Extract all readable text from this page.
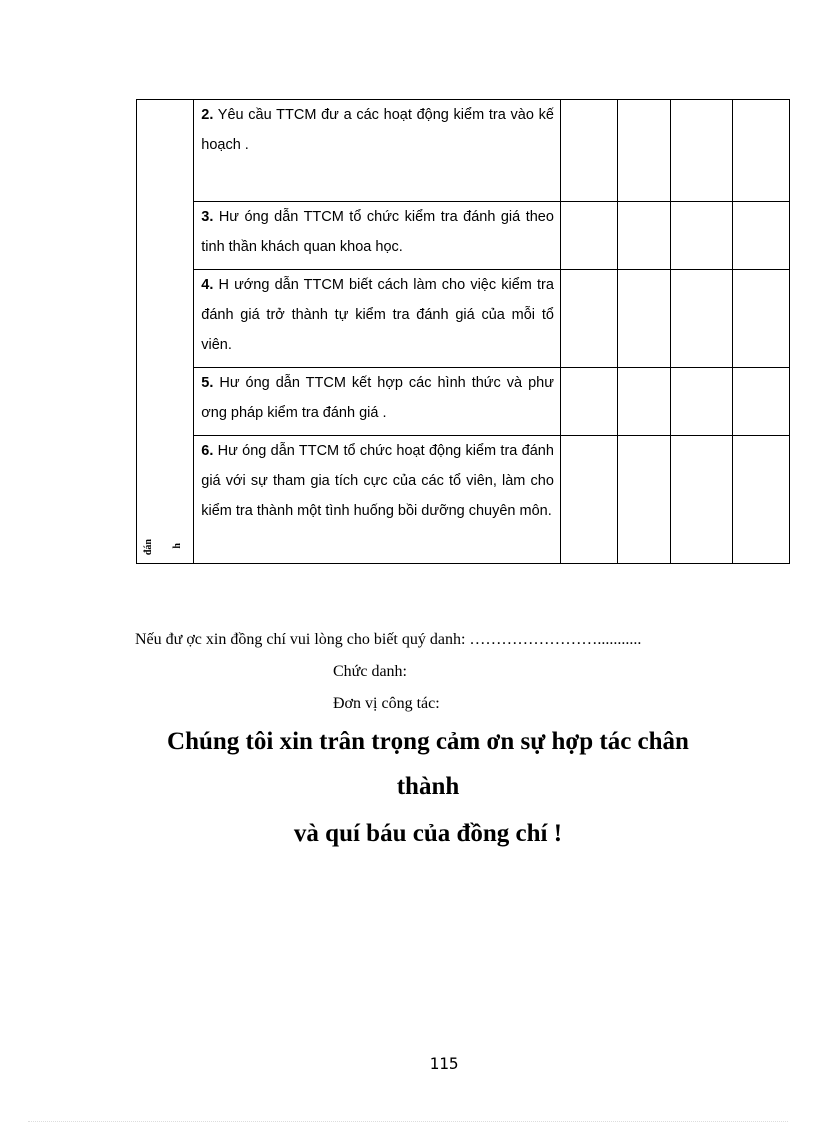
đán h	2. Yêu cầu TTCM đư a các hoạt động kiểm tra vào kế hoạch .				

	3. Hư óng dẫn TTCM tổ chức kiểm tra đánh giá theo tinh thần khách quan khoa học.				

	4. H ướng dẫn TTCM biết cách làm cho việc kiểm tra đánh giá trở thành tự kiểm tra đánh giá của mỗi tổ viên.				

	5. Hư óng dẫn TTCM kết hợp các hình thức và phư ơng pháp kiểm tra đánh giá .				

	6. Hư óng dẫn TTCM tổ chức hoạt động kiểm tra đánh giá với sự tham gia tích cực của các tổ viên, làm cho kiểm tra thành một tình huống bồi dưỡng chuyên môn.				

Nếu đư ợc xin đồng chí vui lòng cho biết quý danh: ……………………...........
Chức danh:
Đơn vị công tác:
Chúng tôi xin trân trọng cảm ơn sự hợp tác chân
thành
và quí báu của đồng chí !
115
